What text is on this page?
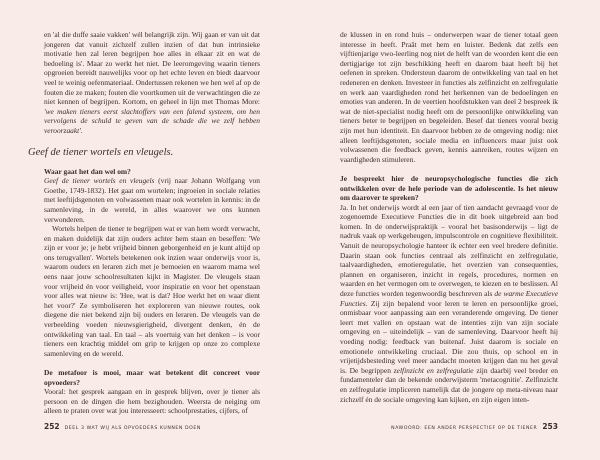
en 'al die duffe saaie vakken' wél belangrijk zijn. Wij gaan er van uit dat jongeren dat vanuit zichzelf zullen inzien of dat hun intrinsieke motivatie hen zal leren begrijpen hoe alles in elkaar zit en wat de bedoeling is'. Maar zo werkt het niet. De leeromgeving waarin tieners opgroeien bereidt nauwelijks voor op het echte leven en biedt daarvoor veel te weinig oefenmateriaal. Ondertussen rekenen we hen wel af op de fouten die ze maken; fouten die voortkomen uit de verwachtingen die ze niet kennen of begrijpen. Kortom, en geheel in lijn met Thomas More: 'we maken tieners eerst slachtoffers van een falend systeem, om hen vervolgens de schuld te geven van de schade die we zelf hebben veroorzaakt'.

Geef de tiener wortels en vleugels.

Waar gaat het dan wel om?

Geef de tiener wortels en vleugels (vrij naar Johann Wolfgang von Goethe, 1749-1832). Het gaat om wortelen; ingroeien in sociale relaties met leeftijdsgenoten en volwassenen maar ook wortelen in kennis: in de samenleving, in de wereld, in alles waarover we ons kunnen verwonderen.

Wortels helpen de tiener te begrijpen wat er van hem wordt verwacht, en maken duidelijk dat zijn ouders achter hem staan en beseffen: 'We zijn er voor je; je hebt vrijheid binnen geborgenheid en je kunt altijd op ons terugvallen'. Wortels betekenen ook inzien waar onderwijs voor is, waarom ouders en leraren zich met je bemoeien en waarom mama wel eens naar jouw schoolresultaten kijkt in Magister. De vleugels staan voor vrijheid én voor veiligheid, voor inspiratie en voor het openstaan voor alles wat nieuw is: 'Hee, wat is dat? Hoe werkt het en waar dient het voor?' Ze symboliseren het exploreren van nieuwe routes, ook diegene die niet bekend zijn bij ouders en leraren. De vleugels van de verbeelding voeden nieuwsgierigheid, divergent denken, én de ontwikkeling van taal. En taal – als voertuig van het denken – is voor tieners een krachtig middel om grip te krijgen op onze zo complexe samenleving en de wereld.

De metafoor is mooi, maar wat betekent dit concreet voor opvoeders?

Vooral: het gesprek aangaan en in gesprek blijven, over je tiener als persoon en de dingen die hem bezighouden. Weersta de neiging om alleen te praten over wat jou interesseert: schoolprestaties, cijfers, of

252 DEEL 3 WAT WIJ ALS OPVOEDERS KUNNEN DOEN

de klussen in en rond huis – onderwerpen waar de tiener totaal geen interesse in heeft. Praât met hem en luister. Bedenk dat zelfs een vijftienjarige vwo-leerling nog niet de helft van de woorden kent die een dertigjarige tot zijn beschikking heeft en daarom baat heeft bij het oefenen in spreken. Ondersteun daarom de ontwikkeling van taal en het redeneren en denken. Investeer in functies als zelfinzicht en zelfregulatie en werk aan vaardigheden rond het herkennen van de bedoelingen en emoties van anderen. In de veertien hoofdstukken van deel 2 bespreek ik wat de niet-specialist nodig heeft om de persoonlijke ontwikkeling van tieners beter te begrijpen en begeleiden. Besef dat tieners vooral bezig zijn met hun identiteit. En daarvoor hebben ze de omgeving nodig: niet alleen leeftijdsgenoten, sociale media en influencers maar juist ook volwassenen die feedback geven, kennis aanreiken, routes wijzen en vaardigheden stimuleren.

Je bespreekt hier de neuropsychologische functies die zich ontwikkelen over de hele periode van de adolescentie. Is het nieuw om daarover te spreken?

Ja. In het onderwijs wordt al een jaar of tien aandacht gevraagd voor de zogenoemde Executieve Functies die in dit boek uitgebreid aan bod komen. In de onderwijspraktijk – vooral het basisonderwijs – ligt de nadruk vaak op werkgeheugen, impulscontrole en cognitieve flexibiliteit. Vanuit de neuropsychologie hanteer ik echter een veel bredere definitie. Daarin staan ook functies centraal als zelfinzicht en zelfregulatie, taalvaardigheden, emotieregulatie, het overzien van consequenties, plannen en organiseren, inzicht in regels, procedures, normen en waarden en het vermogen om te overwegen, te kiezen en te beslissen. Al deze functies worden tegenwoordig beschreven als de warme Executieve Functies. Zij zijn bepalend voor leren te leren en persoonlijke groei, onmisbaar voor aanpassing aan een veranderende omgeving. De tiener leert met vallen en opstaan wat de intenties zijn van zijn sociale omgeving en – uiteindelijk – van de samenleving. Daarvoor heeft hij voeding nodig: feedback van buitenaf. Juist daarom is sociale en emotionele ontwikkeling cruciaal. Die zou thuis, op school en in vrijetijdsbesteding veel meer aandacht moeten krijgen dan nu het geval is. De begrippen zelfinzicht en zelfregulatie zijn daarbij veel breder en fundamenteler dan de bekende onderwijsterm 'metacognitie'. Zelfinzicht en zelfregulatie impliceren namelijk dat de jongere op meta-niveau naar zichzelf én de sociale omgeving kan kijken, en zijn eigen inten-

NAWOORD: EEN ANDER PERSPECTIEF OP DE TIENER 253
